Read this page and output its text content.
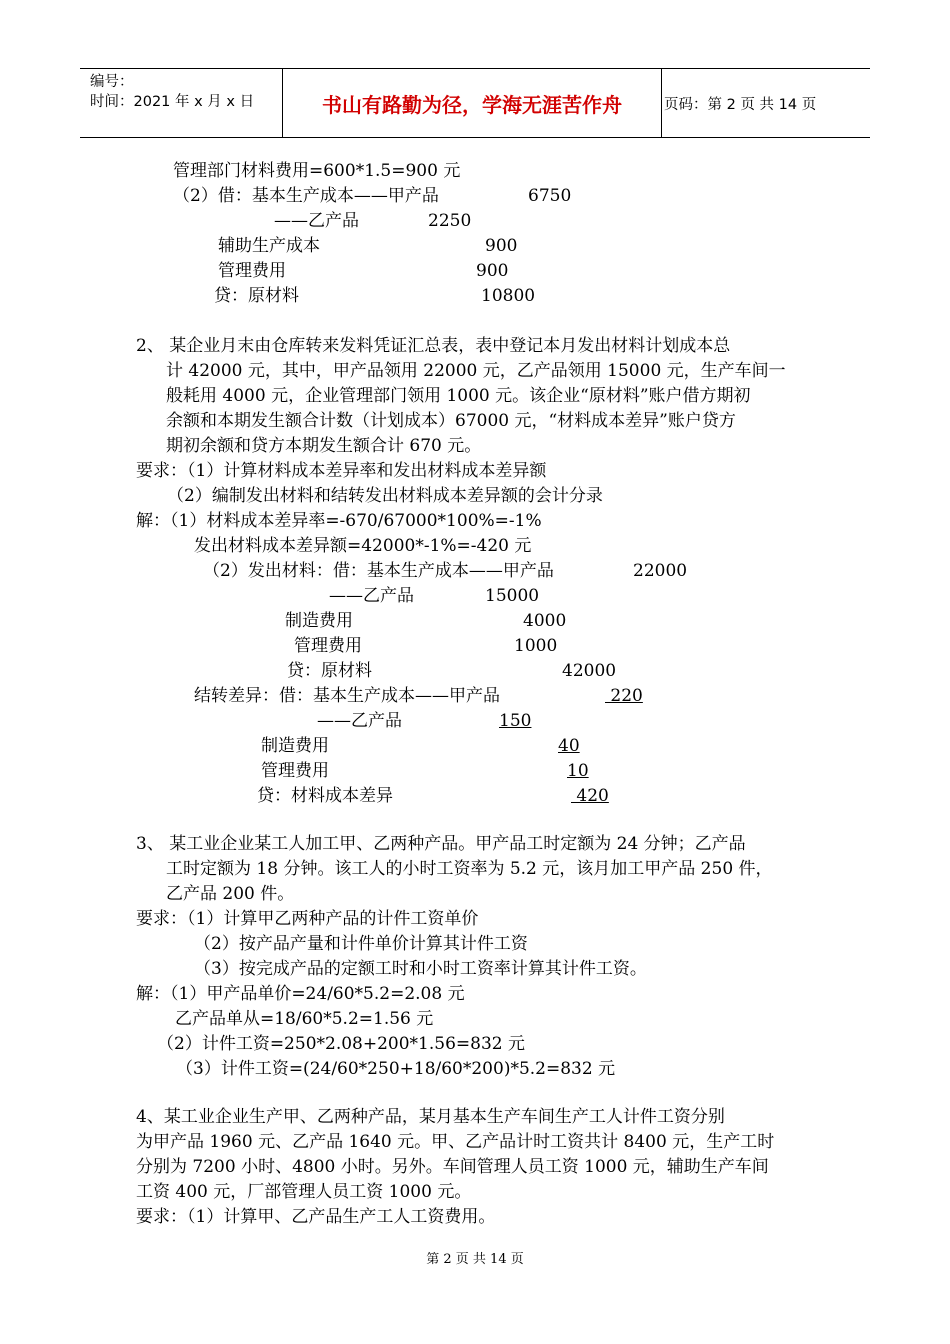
编号：
时间：2021 年 x 月 x 日	书山有路勤为径，学海无涯苦作舟	页码：第 2 页 共 14 页
管理部门材料费用=600*1.5=900 元
（2）借：基本生产成本——甲产品	6750
——乙产品	2250
辅助生产成本	900
管理费用	900
贷：原材料	10800
2、 某企业月末由仓库转来发料凭证汇总表，表中登记本月发出材料计划成本总
计 42000 元，其中，甲产品领用 22000 元，乙产品领用 15000 元，生产车间一
般耗用 4000 元，企业管理部门领用 1000 元。该企业“原材料”账户借方期初
余额和本期发生额合计数（计划成本）67000 元，“材料成本差异”账户贷方
期初余额和贷方本期发生额合计 670 元。
要求：（1）计算材料成本差异率和发出材料成本差异额
（2）编制发出材料和结转发出材料成本差异额的会计分录
解：（1）材料成本差异率=-670/67000*100%=-1%
发出材料成本差异额=42000*-1%=-420 元
（2）发出材料：借：基本生产成本——甲产品	22000
——乙产品	15000
制造费用	4000
管理费用	1000
贷：原材料	42000
结转差异：借：基本生产成本——甲产品	220
——乙产品	150
制造费用	40
管理费用	10
贷：材料成本差异	420
3、 某工业企业某工人加工甲、乙两种产品。甲产品工时定额为 24 分钟；乙产品
工时定额为 18 分钟。该工人的小时工资率为 5.2 元，该月加工甲产品 250 件，
乙产品 200 件。
要求：（1）计算甲乙两种产品的计件工资单价
（2）按产品产量和计件单价计算其计件工资
（3）按完成产品的定额工时和小时工资率计算其计件工资。
解：（1）甲产品单价=24/60*5.2=2.08 元
乙产品单从=18/60*5.2=1.56 元
（2）计件工资=250*2.08+200*1.56=832 元
（3）计件工资=(24/60*250+18/60*200)*5.2=832 元
4、某工业企业生产甲、乙两种产品，某月基本生产车间生产工人计件工资分别
为甲产品 1960 元、乙产品 1640 元。甲、乙产品计时工资共计 8400 元，生产工时
分别为 7200 小时、4800 小时。另外。车间管理人员工资 1000 元，辅助生产车间
工资 400 元，厂部管理人员工资 1000 元。
要求：（1）计算甲、乙产品生产工人工资费用。
第 2 页 共 14 页
